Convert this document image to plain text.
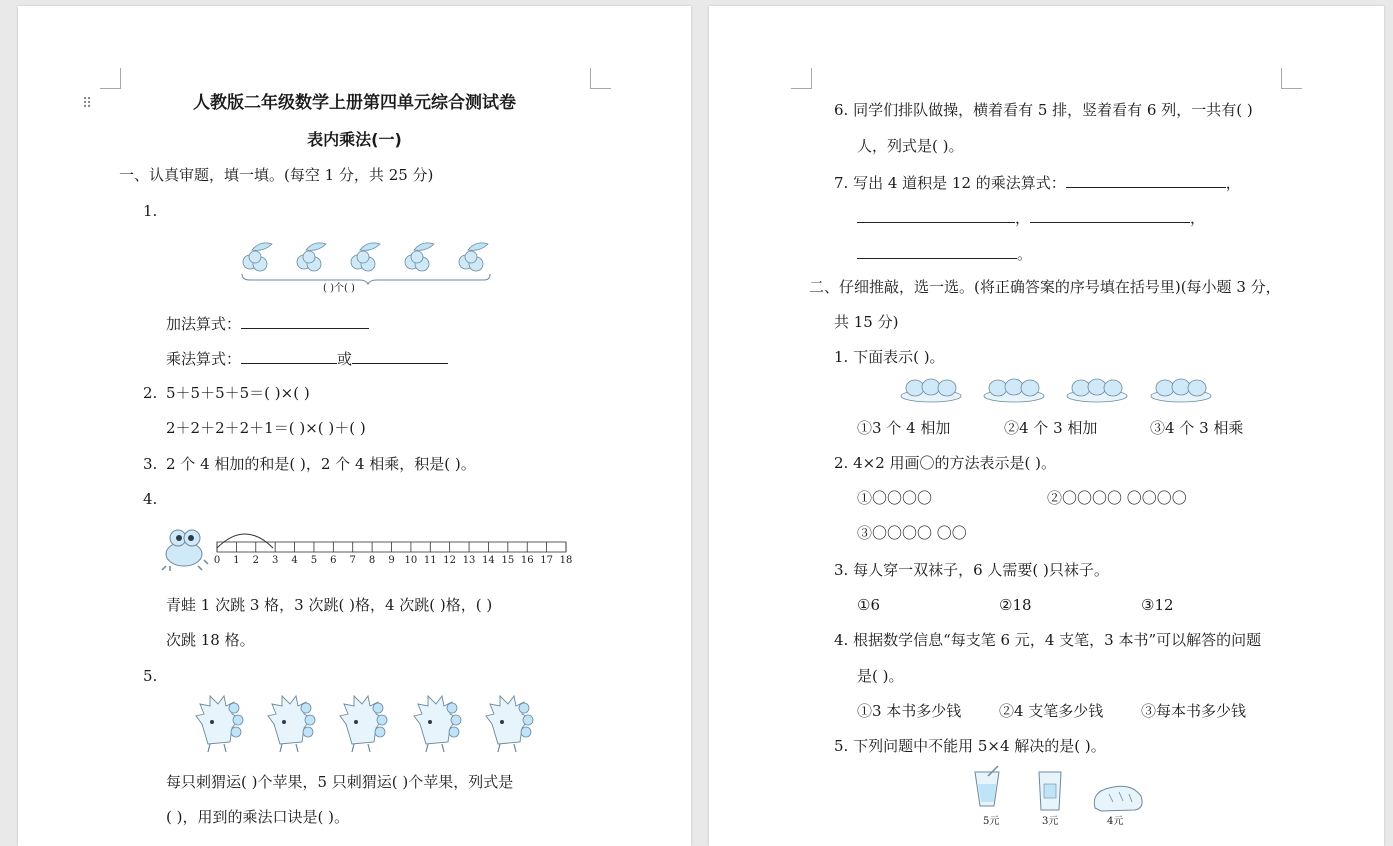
⠿	人教版二年级数学上册第四单元综合测试卷
表内乘法(一)
一、认真审题，填一填。(每空 1 分，共 25 分)
1.
( )个( )
加法算式：
乘法算式：	或
2. 5＋5＋5＋5＝( )×( )
2＋2＋2＋2＋1＝( )×( )＋( )
3. 2 个 4 相加的和是( )，2 个 4 相乘，积是( )。
4.
0 1 2 3 4 5 6 7 8 9 10 11 12 13 14 15 16 17 18
青蛙 1 次跳 3 格，3 次跳( )格，4 次跳( )格，( )
次跳 18 格。
5.
每只刺猬运( )个苹果，5 只刺猬运( )个苹果，列式是
( )，用到的乘法口诀是( )。
6. 同学们排队做操，横着看有 5 排，竖着看有 6 列，一共有( )
人，列式是( )。
7. 写出 4 道积是 12 的乘法算式：	，
，	，
。
二、仔细推敲，选一选。(将正确答案的序号填在括号里)(每小题 3 分，
共 15 分)
1. 下面表示( )。
①3 个 4 相加	②4 个 3 相加	③4 个 3 相乘
2. 4×2 用画〇的方法表示是( )。
①〇〇〇〇	②〇〇〇〇 〇〇〇〇
③〇〇〇〇 〇〇
3. 每人穿一双袜子，6 人需要( )只袜子。
①6	②18	③12
4. 根据数学信息“每支笔 6 元，4 支笔，3 本书”可以解答的问题
是( )。
①3 本书多少钱	②4 支笔多少钱	③每本书多少钱
5. 下列问题中不能用 5×4 解决的是( )。
5元	3元	4元
